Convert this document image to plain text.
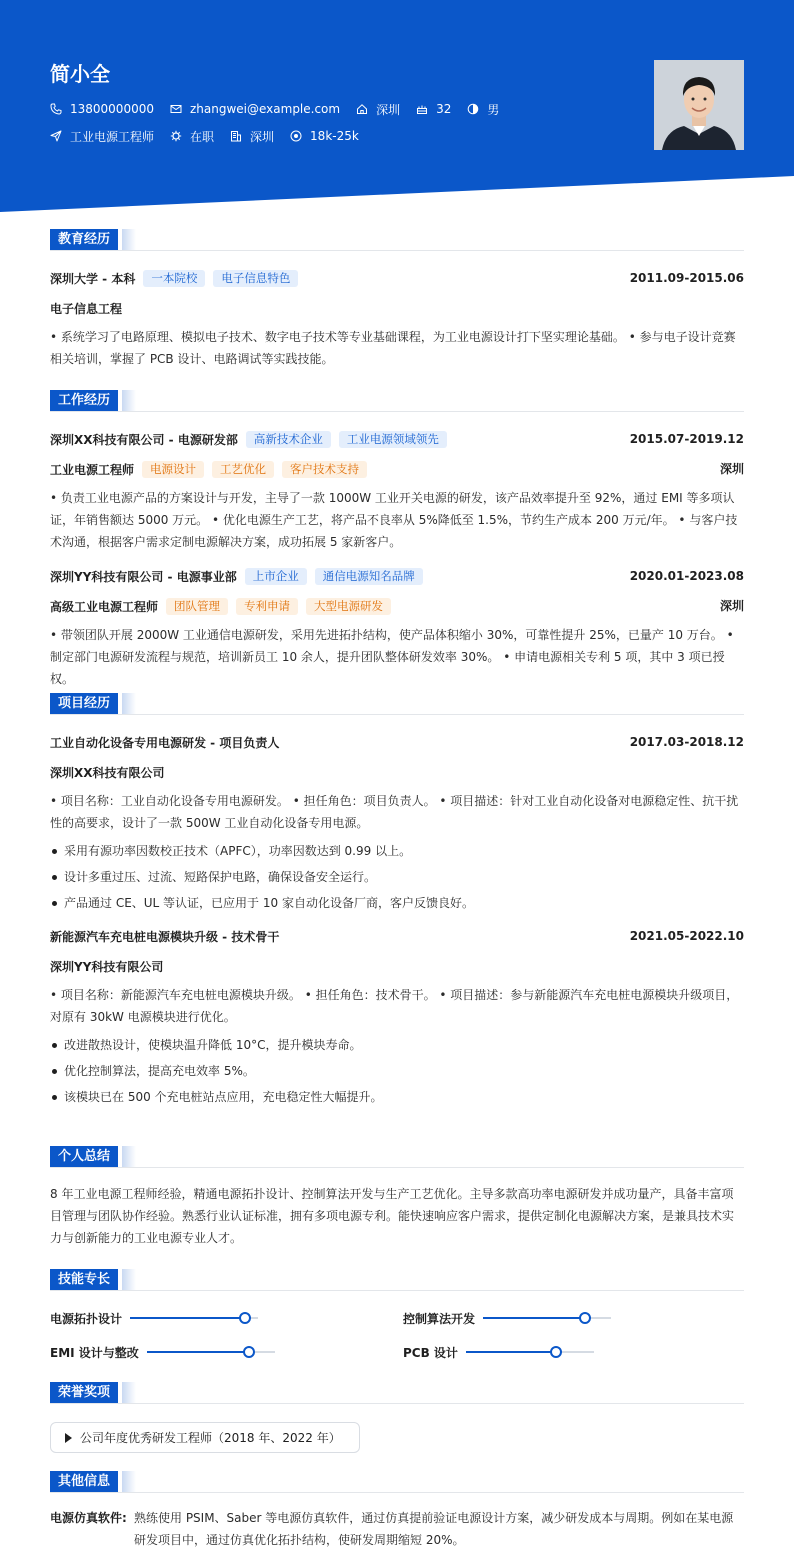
简小全
13800000000	zhangwei@example.com	深圳	32	男
工业电源工程师	在职	深圳	18k-25k
教育经历
深圳大学 - 本科	一本院校	电子信息特色	2011.09-2015.06
电子信息工程
• 系统学习了电路原理、模拟电子技术、数字电子技术等专业基础课程，为工业电源设计打下坚实理论基础。 • 参与电子设计竞赛相关培训，掌握了 PCB 设计、电路调试等实践技能。
工作经历
深圳XX科技有限公司 - 电源研发部	高新技术企业	工业电源领域领先	2015.07-2019.12
工业电源工程师	电源设计	工艺优化	客户技术支持	深圳
• 负责工业电源产品的方案设计与开发，主导了一款 1000W 工业开关电源的研发，该产品效率提升至 92%，通过 EMI 等多项认证，年销售额达 5000 万元。 • 优化电源生产工艺，将产品不良率从 5%降低至 1.5%，节约生产成本 200 万元/年。 • 与客户技术沟通，根据客户需求定制电源解决方案，成功拓展 5 家新客户。
深圳YY科技有限公司 - 电源事业部	上市企业	通信电源知名品牌	2020.01-2023.08
高级工业电源工程师	团队管理	专利申请	大型电源研发	深圳
• 带领团队开展 2000W 工业通信电源研发，采用先进拓扑结构，使产品体积缩小 30%，可靠性提升 25%，已量产 10 万台。 • 制定部门电源研发流程与规范，培训新员工 10 余人，提升团队整体研发效率 30%。 • 申请电源相关专利 5 项，其中 3 项已授权。
项目经历
工业自动化设备专用电源研发 - 项目负责人	2017.03-2018.12
深圳XX科技有限公司
• 项目名称：工业自动化设备专用电源研发。 • 担任角色：项目负责人。 • 项目描述：针对工业自动化设备对电源稳定性、抗干扰性的高要求，设计了一款 500W 工业自动化设备专用电源。
采用有源功率因数校正技术（APFC），功率因数达到 0.99 以上。
设计多重过压、过流、短路保护电路，确保设备安全运行。
产品通过 CE、UL 等认证，已应用于 10 家自动化设备厂商，客户反馈良好。
新能源汽车充电桩电源模块升级 - 技术骨干	2021.05-2022.10
深圳YY科技有限公司
• 项目名称：新能源汽车充电桩电源模块升级。 • 担任角色：技术骨干。 • 项目描述：参与新能源汽车充电桩电源模块升级项目，对原有 30kW 电源模块进行优化。
改进散热设计，使模块温升降低 10°C，提升模块寿命。
优化控制算法，提高充电效率 5%。
该模块已在 500 个充电桩站点应用，充电稳定性大幅提升。
个人总结
8 年工业电源工程师经验，精通电源拓扑设计、控制算法开发与生产工艺优化。主导多款高功率电源研发并成功量产，具备丰富项目管理与团队协作经验。熟悉行业认证标准，拥有多项电源专利。能快速响应客户需求，提供定制化电源解决方案，是兼具技术实力与创新能力的工业电源专业人才。
技能专长
电源拓扑设计	控制算法开发
EMI 设计与整改	PCB 设计
荣誉奖项
公司年度优秀研发工程师（2018 年、2022 年）
其他信息
电源仿真软件: 熟练使用 PSIM、Saber 等电源仿真软件，通过仿真提前验证电源设计方案，减少研发成本与周期。例如在某电源研发项目中，通过仿真优化拓扑结构，使研发周期缩短 20%。
